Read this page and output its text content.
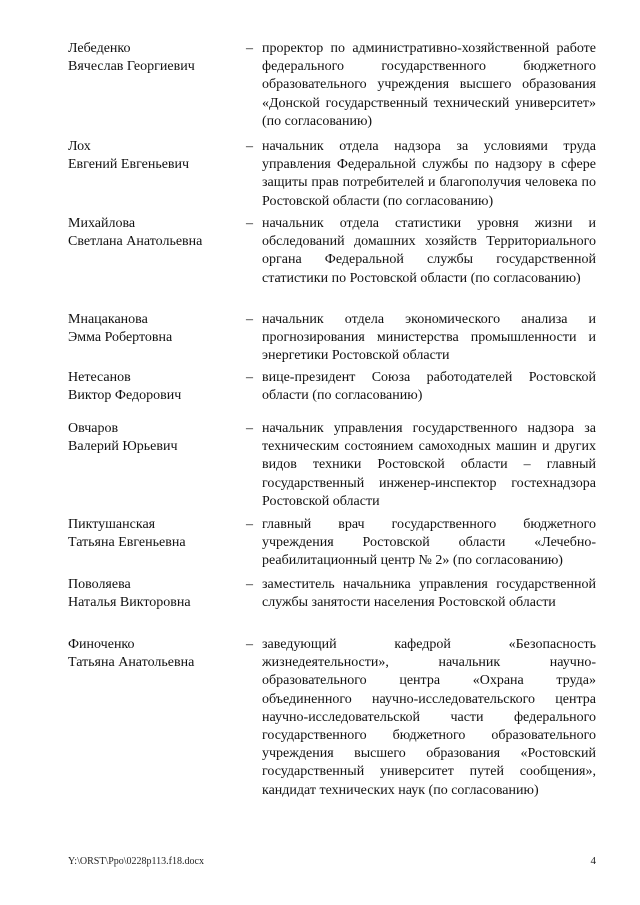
Лебеденко
Вячеслав Георгиевич
– проректор по административно-хозяйственной работе федерального государственного бюджетного образовательного учреждения высшего образования «Донской государственный технический университет» (по согласованию)
Лох
Евгений Евгеньевич
– начальник отдела надзора за условиями труда управления Федеральной службы по надзору в сфере защиты прав потребителей и благополучия человека по Ростовской области (по согласованию)
Михайлова
Светлана Анатольевна
– начальник отдела статистики уровня жизни и обследований домашних хозяйств Территориального органа Федеральной службы государственной статистики по Ростовской области (по согласованию)
Мнацаканова
Эмма Робертовна
– начальник отдела экономического анализа и прогнозирования министерства промышленности и энергетики Ростовской области
Нетесанов
Виктор Федорович
– вице-президент Союза работодателей Ростовской области (по согласованию)
Овчаров
Валерий Юрьевич
– начальник управления государственного надзора за техническим состоянием самоходных машин и других видов техники Ростовской области – главный государственный инженер-инспектор гостехнадзора Ростовской области
Пиктушанская
Татьяна Евгеньевна
– главный врач государственного бюджетного учреждения Ростовской области «Лечебно-реабилитационный центр № 2» (по согласованию)
Поволяева
Наталья Викторовна
– заместитель начальника управления государственной службы занятости населения Ростовской области
Финоченко
Татьяна Анатольевна
– заведующий кафедрой «Безопасность жизнедеятельности», начальник научно-образовательного центра «Охрана труда» объединенного научно-исследовательского центра научно-исследовательской части федерального государственного бюджетного образовательного учреждения высшего образования «Ростовский государственный университет путей сообщения», кандидат технических наук (по согласованию)
Y:\ORST\Ppo\0228p113.f18.docx	4
